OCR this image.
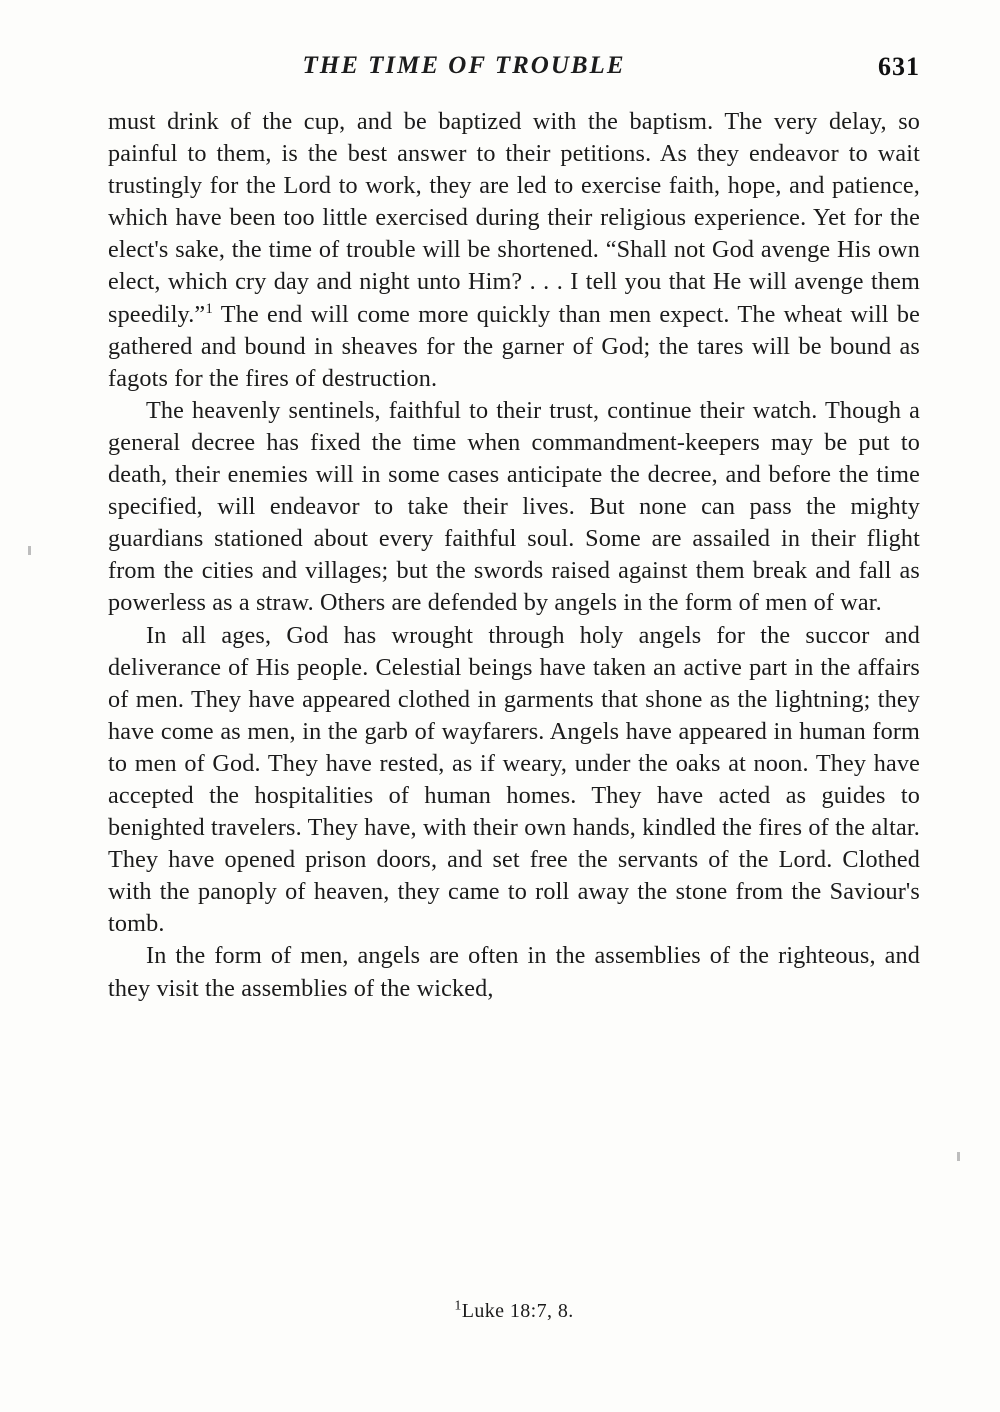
THE TIME OF TROUBLE	631

must drink of the cup, and be baptized with the baptism. The very delay, so painful to them, is the best answer to their petitions. As they endeavor to wait trustingly for the Lord to work, they are led to exercise faith, hope, and patience, which have been too little exercised during their religious experience. Yet for the elect's sake, the time of trouble will be shortened. “Shall not God avenge His own elect, which cry day and night unto Him? . . . I tell you that He will avenge them speedily.”$^1$ The end will come more quickly than men expect. The wheat will be gathered and bound in sheaves for the garner of God; the tares will be bound as fagots for the fires of destruction.

The heavenly sentinels, faithful to their trust, continue their watch. Though a general decree has fixed the time when commandment-keepers may be put to death, their enemies will in some cases anticipate the decree, and before the time specified, will endeavor to take their lives. But none can pass the mighty guardians stationed about every faithful soul. Some are assailed in their flight from the cities and villages; but the swords raised against them break and fall as powerless as a straw. Others are defended by angels in the form of men of war.

In all ages, God has wrought through holy angels for the succor and deliverance of His people. Celestial beings have taken an active part in the affairs of men. They have appeared clothed in garments that shone as the lightning; they have come as men, in the garb of wayfarers. Angels have appeared in human form to men of God. They have rested, as if weary, under the oaks at noon. They have accepted the hospitalities of human homes. They have acted as guides to benighted travelers. They have, with their own hands, kindled the fires of the altar. They have opened prison doors, and set free the servants of the Lord. Clothed with the panoply of heaven, they came to roll away the stone from the Saviour's tomb.

In the form of men, angels are often in the assemblies of the righteous, and they visit the assemblies of the wicked,

$^1$Luke 18:7, 8.
